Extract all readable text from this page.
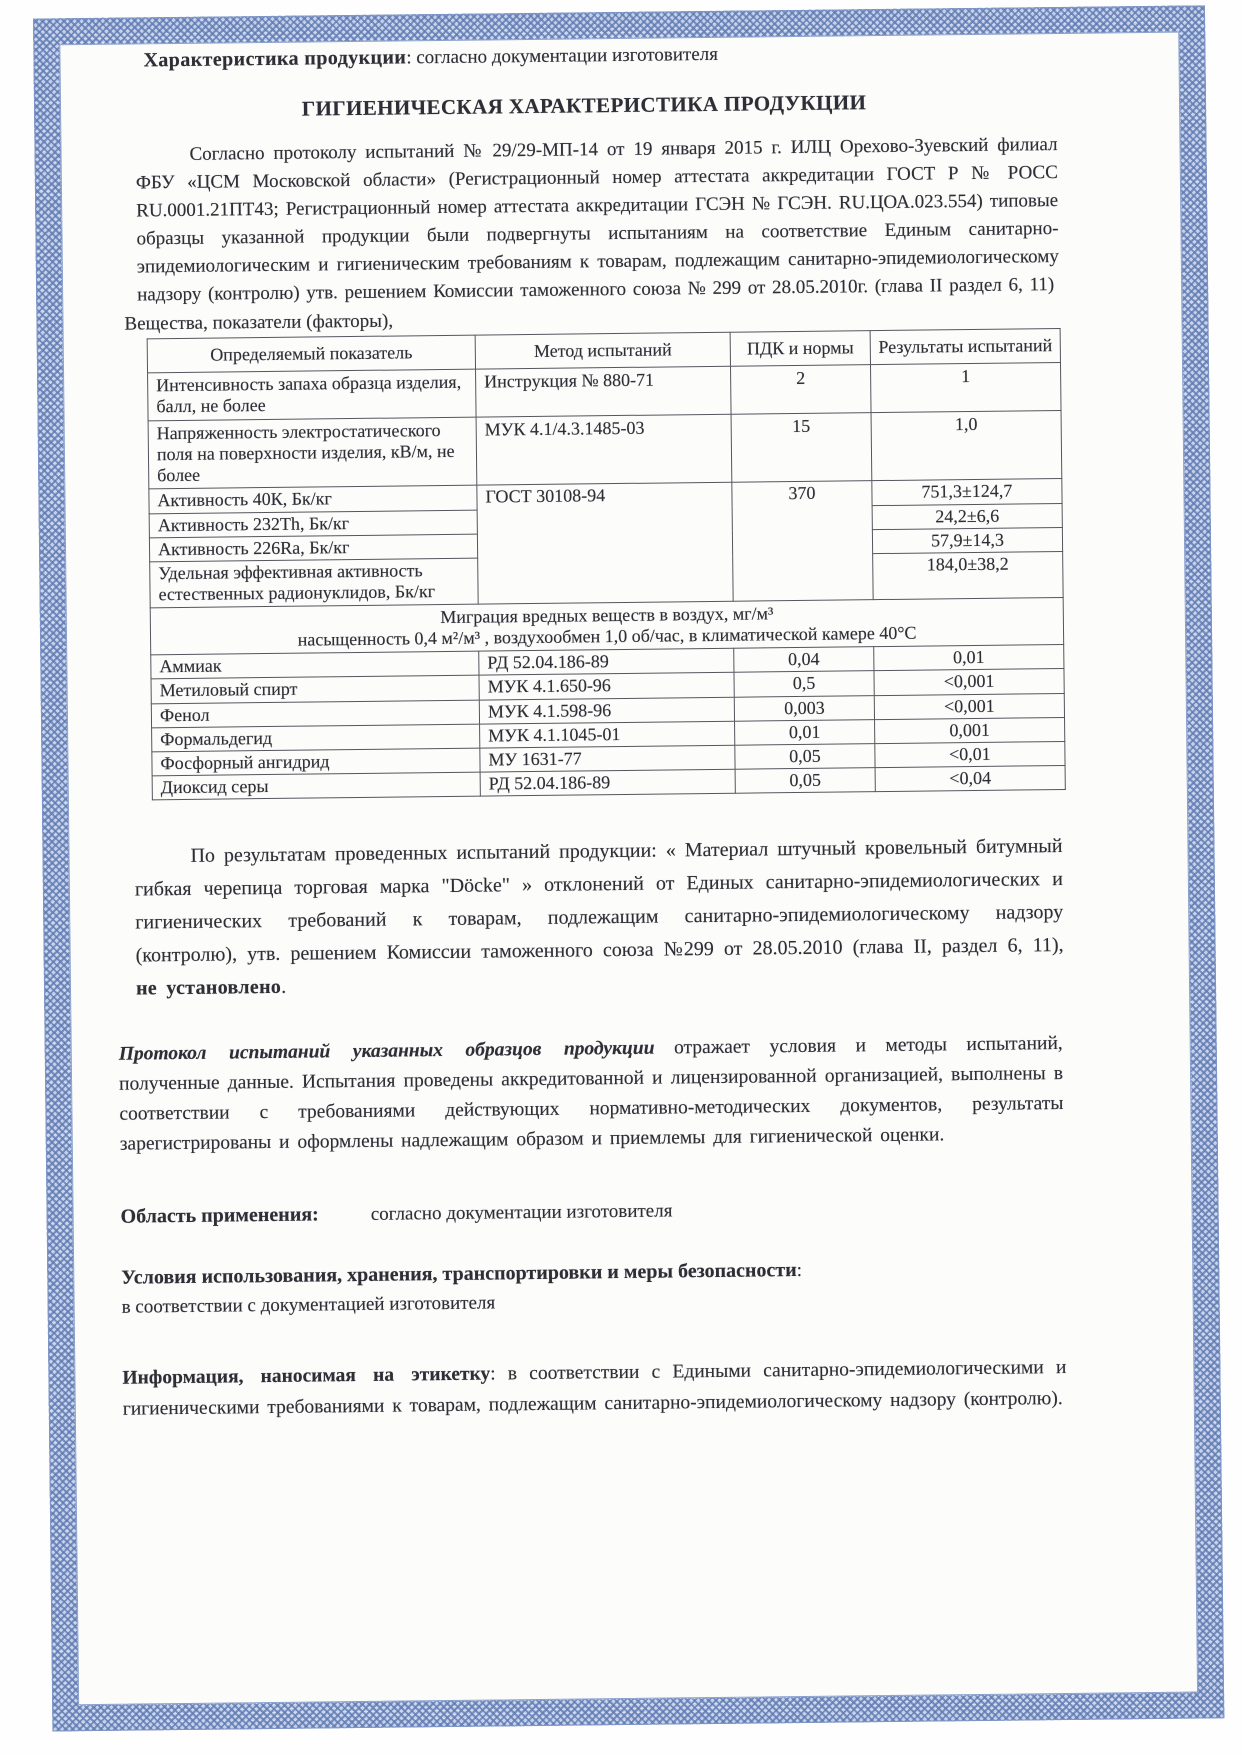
Характеристика продукции: согласно документации изготовителя
ГИГИЕНИЧЕСКАЯ ХАРАКТЕРИСТИКА ПРОДУКЦИИ
Согласно протоколу испытаний № 29/29-МП-14 от 19 января 2015 г. ИЛЦ Орехово-Зуевский филиал ФБУ «ЦСМ Московской области» (Регистрационный номер аттестата аккредитации ГОСТ Р № РОСС RU.0001.21ПТ43; Регистрационный номер аттестата аккредитации ГСЭН № ГСЭН. RU.ЦОА.023.554) типовые образцы указанной продукции были подвергнуты испытаниям на соответствие Единым санитарно-эпидемиологическим и гигиеническим требованиям к товарам, подлежащим санитарно-эпидемиологическому надзору (контролю) утв. решением Комиссии таможенного союза № 299 от 28.05.2010г. (глава II раздел 6, 11)
Вещества, показатели (факторы),
Определяемый показатель	Метод испытаний	ПДК и нормы	Результаты испытаний
Интенсивность запаха образца изделия, балл, не более	Инструкция № 880-71	2	1
Напряженность электростатического поля на поверхности изделия, кВ/м, не более	МУК 4.1/4.3.1485-03	15	1,0
Активность 40К, Бк/кг	ГОСТ 30108-94	370	751,3±124,7
Активность 232Th, Бк/кг			24,2±6,6
Активность 226Ra, Бк/кг			57,9±14,3
Удельная эффективная активность естественных радионуклидов, Бк/кг			184,0±38,2

Миграция вредных веществ в воздух, мг/м³
насыщенность 0,4 м²/м³ , воздухообмен 1,0 об/час, в климатической камере 40°С			

Аммиак	РД 52.04.186-89	0,04	0,01
Метиловый спирт	МУК 4.1.650-96	0,5	<0,001
Фенол	МУК 4.1.598-96	0,003	<0,001
Формальдегид	МУК 4.1.1045-01	0,01	0,001
Фосфорный ангидрид	МУ 1631-77	0,05	<0,01
Диоксид серы	РД 52.04.186-89	0,05	<0,04
По результатам проведенных испытаний продукции: « Материал штучный кровельный битумный гибкая черепица торговая марка "Döcke" » отклонений от Единых санитарно-эпидемиологических и гигиенических требований к товарам, подлежащим санитарно-эпидемиологическому надзору (контролю), утв. решением Комиссии таможенного союза №299 от 28.05.2010 (глава II, раздел 6, 11), не установлено.
Протокол испытаний указанных образцов продукции отражает условия и методы испытаний, полученные данные. Испытания проведены аккредитованной и лицензированной организацией, выполнены в соответствии с требованиями действующих нормативно-методических документов, результаты зарегистрированы и оформлены надлежащим образом и приемлемы для гигиенической оценки.
Область применения:	согласно документации изготовителя
Условия использования, хранения, транспортировки и меры безопасности:
в соответствии с документацией изготовителя
Информация, наносимая на этикетку: в соответствии с Едиными санитарно-эпидемиологическими и гигиеническими требованиями к товарам, подлежащим санитарно-эпидемиологическому надзору (контролю).
